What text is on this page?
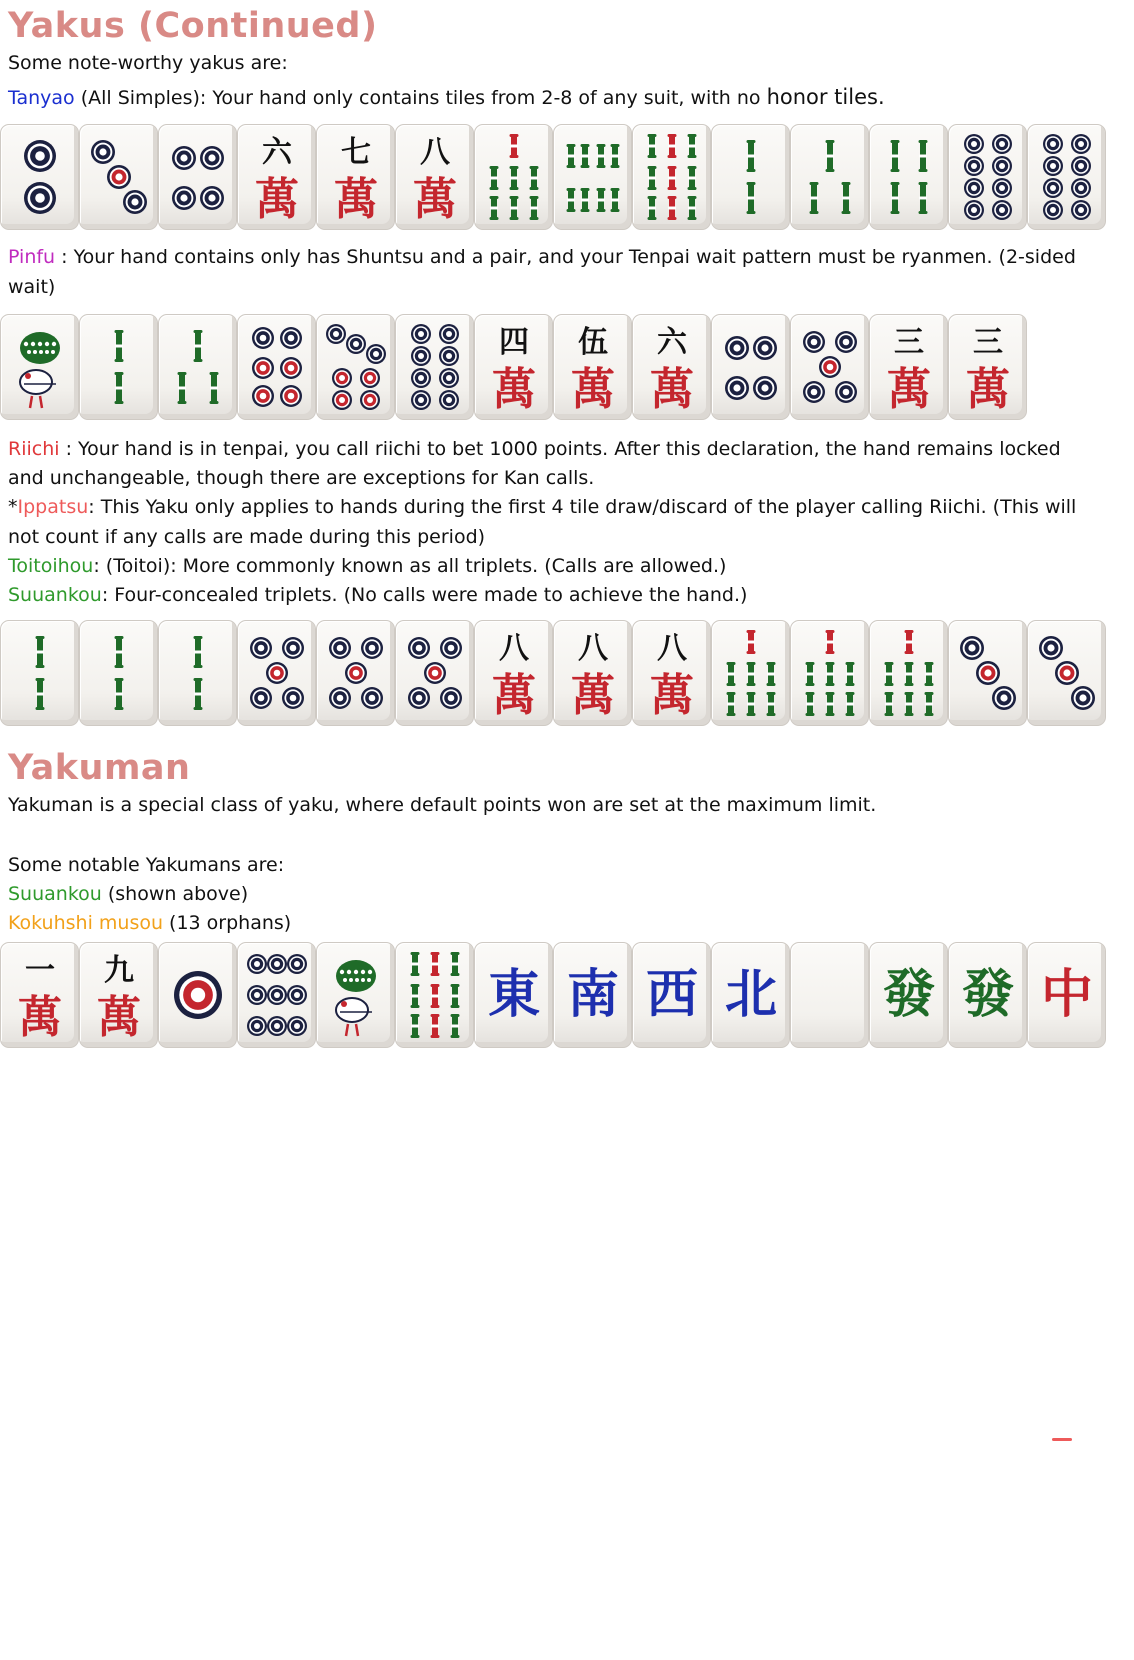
Yakus (Continued)
Some note-worthy yakus are:
Tanyao (All Simples): Your hand only contains tiles from 2-8 of any suit, with no honor tiles.
六
萬
七
萬
八
萬
Pinfu : Your hand contains only has Shuntsu and a pair, and your Tenpai wait pattern must be ryanmen. (2-sided
wait)
四
萬
伍
萬
六
萬
三
萬
三
萬
Riichi : Your hand is in tenpai, you call riichi to bet 1000 points. After this declaration, the hand remains locked
and unchangeable, though there are exceptions for Kan calls.
*Ippatsu: This Yaku only applies to hands during the first 4 tile draw/discard of the player calling Riichi. (This will
not count if any calls are made during this period)
Toitoihou: (Toitoi): More commonly known as all triplets. (Calls are allowed.)
Suuankou: Four-concealed triplets. (No calls were made to achieve the hand.)
八
萬
八
萬
八
萬
Yakuman
Yakuman is a special class of yaku, where default points won are set at the maximum limit.
Some notable Yakumans are:
Suuankou (shown above)
Kokuhshi musou (13 orphans)
一
萬
九
萬	東 南 西 北 發 發 中
